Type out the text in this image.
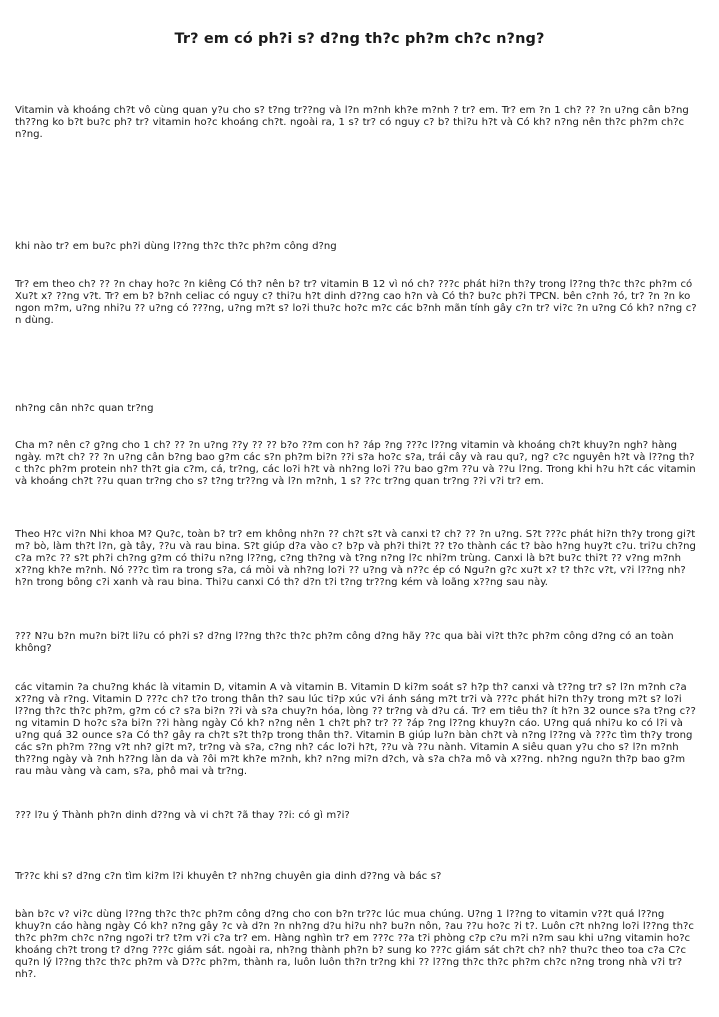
Tr? em có ph?i s? d?ng th?c ph?m ch?c n?ng?

Vitamin và khoáng ch?t vô cùng quan y?u cho s? t?ng tr??ng và l?n m?nh kh?e m?nh ? tr? em. Tr? em ?n 1 ch? ?? ?n u?ng cân b?ng th??ng ko b?t bu?c ph? tr? vitamin ho?c khoáng ch?t. ngoài ra, 1 s? tr? có nguy c? b? thi?u h?t và Có kh? n?ng nên th?c ph?m ch?c n?ng.

khi nào tr? em bu?c ph?i dùng l??ng th?c th?c ph?m công d?ng

Tr? em theo ch? ?? ?n chay ho?c ?n kiêng Có th? nên b? tr? vitamin B 12 vì nó ch? ???c phát hi?n th?y trong l??ng th?c th?c ph?m có Xu?t x? ??ng v?t. Tr? em b? b?nh celiac có nguy c? thi?u h?t dinh d??ng cao h?n và Có th? bu?c ph?i TPCN. bên c?nh ?ó, tr? ?n ?n ko ngon m?m, u?ng nhi?u ?? u?ng có ???ng, u?ng m?t s? lo?i thu?c ho?c m?c các b?nh mãn tính gây c?n tr? vi?c ?n u?ng Có kh? n?ng c?n dùng.

nh?ng cân nh?c quan tr?ng

Cha m? nên c? g?ng cho 1 ch? ?? ?n u?ng ??y ?? ?? b?o ??m con h? ?áp ?ng ???c l??ng vitamin và khoáng ch?t khuy?n ngh? hàng ngày. m?t ch? ?? ?n u?ng cân b?ng bao g?m các s?n ph?m bi?n ??i s?a ho?c s?a, trái cây và rau qu?, ng? c?c nguyên h?t và l??ng th?c th?c ph?m protein nh? th?t gia c?m, cá, tr?ng, các lo?i h?t và nh?ng lo?i ??u bao g?m ??u và ??u l?ng. Trong khi h?u h?t các vitamin và khoáng ch?t ??u quan tr?ng cho s? t?ng tr??ng và l?n m?nh, 1 s? ??c tr?ng quan tr?ng ??i v?i tr? em.

Theo H?c vi?n Nhi khoa M? Qu?c, toàn b? tr? em không nh?n ?? ch?t s?t và canxi t? ch? ?? ?n u?ng. S?t ???c phát hi?n th?y trong gi?t m? bò, làm th?t l?n, gà tây, ??u và rau bina. S?t giúp d?a vào c? b?p và ph?i thi?t ?? t?o thành các t? bào h?ng huy?t c?u. tri?u ch?ng c?a m?c ?? s?t ph?i ch?ng g?m có thi?u n?ng l??ng, c?ng th?ng và t?ng n?ng l?c nhi?m trùng. Canxi là b?t bu?c thi?t ?? v?ng m?nh x??ng kh?e m?nh. Nó ???c tìm ra trong s?a, cá mòi và nh?ng lo?i ?? u?ng và n??c ép có Ngu?n g?c xu?t x? t? th?c v?t, v?i l??ng nh? h?n trong bông c?i xanh và rau bina. Thi?u canxi Có th? d?n t?i t?ng tr??ng kém và loãng x??ng sau này.

??? N?u b?n mu?n bi?t li?u có ph?i s? d?ng l??ng th?c th?c ph?m công d?ng hãy ??c qua bài vi?t th?c ph?m công d?ng có an toàn không?

các vitamin ?a chu?ng khác là vitamin D, vitamin A và vitamin B. Vitamin D ki?m soát s? h?p th? canxi và t??ng tr? s? l?n m?nh c?a x??ng và r?ng. Vitamin D ???c ch? t?o trong thân th? sau lúc ti?p xúc v?i ánh sáng m?t tr?i và ???c phát hi?n th?y trong m?t s? lo?i l??ng th?c th?c ph?m, g?m có c? s?a bi?n ??i và s?a chuy?n hóa, lòng ?? tr?ng và d?u cá. Tr? em tiêu th? ít h?n 32 ounce s?a t?ng c??ng vitamin D ho?c s?a bi?n ??i hàng ngày Có kh? n?ng nên 1 ch?t ph? tr? ?? ?áp ?ng l??ng khuy?n cáo. U?ng quá nhi?u ko có l?i và u?ng quá 32 ounce s?a Có th? gây ra ch?t s?t th?p trong thân th?. Vitamin B giúp lu?n bàn ch?t và n?ng l??ng và ???c tìm th?y trong các s?n ph?m ??ng v?t nh? gi?t m?, tr?ng và s?a, c?ng nh? các lo?i h?t, ??u và ??u nành. Vitamin A siêu quan y?u cho s? l?n m?nh th??ng ngày và ?nh h??ng làn da và ?ôi m?t kh?e m?nh, kh? n?ng mi?n d?ch, và s?a ch?a mô và x??ng. nh?ng ngu?n th?p bao g?m rau màu vàng và cam, s?a, phô mai và tr?ng.

??? l?u ý Thành ph?n dinh d??ng và vi ch?t ?ã thay ??i: có gì m?i?

Tr??c khi s? d?ng c?n tìm ki?m l?i khuyên t? nh?ng chuyên gia dinh d??ng và bác s?

bàn b?c v? vi?c dùng l??ng th?c th?c ph?m công d?ng cho con b?n tr??c lúc mua chúng. U?ng 1 l??ng to vitamin v??t quá l??ng khuy?n cáo hàng ngày Có kh? n?ng gây ?c và d?n ?n nh?ng d?u hi?u nh? bu?n nôn, ?au ??u ho?c ?i t?. Luôn c?t nh?ng lo?i l??ng th?c th?c ph?m ch?c n?ng ngo?i tr? t?m v?i c?a tr? em. Hàng nghìn tr? em ???c ??a t?i phòng c?p c?u m?i n?m sau khi u?ng vitamin ho?c khoáng ch?t trong t? d?ng ???c giám sát. ngoài ra, nh?ng thành ph?n b? sung ko ???c giám sát ch?t ch? nh? thu?c theo toa c?a C?c qu?n lý l??ng th?c th?c ph?m và D??c ph?m, thành ra, luôn luôn th?n tr?ng khi ?? l??ng th?c th?c ph?m ch?c n?ng trong nhà v?i tr? nh?.
